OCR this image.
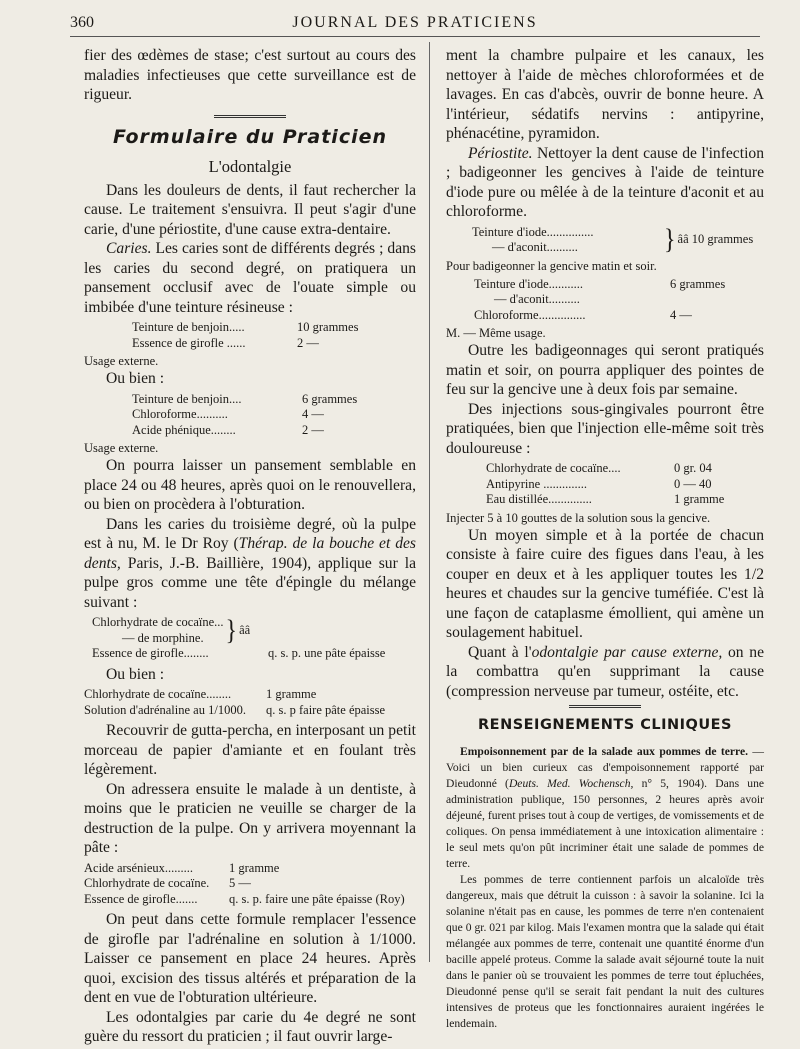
360	JOURNAL DES PRATICIENS

fier des œdèmes de stase; c'est surtout au cours des maladies infectieuses que cette surveillance est de rigueur.

Formulaire du Praticien
L'odontalgie

Dans les douleurs de dents, il faut rechercher la cause. Le traitement s'ensuivra. Il peut s'agir d'une carie, d'une périostite, d'une cause extra-dentaire.

Caries. Les caries sont de différents degrés ; dans les caries du second degré, on pratiquera un pansement occlusif avec de l'ouate simple ou imbibée d'une teinture résineuse :

Teinture de benjoin.....	10 grammes
Essence de girofle ......	2 —
Usage externe.

Ou bien :

Teinture de benjoin....	6 grammes
Chloroforme..........	4 —
Acide phénique........	2 —
Usage externe.

On pourra laisser un pansement semblable en place 24 ou 48 heures, après quoi on le renouvellera, ou bien on procèdera à l'obturation.

Dans les caries du troisième degré, où la pulpe est à nu, M. le Dr Roy (Thérap. de la bouche et des dents, Paris, J.-B. Baillière, 1904), applique sur la pulpe gros comme une tête d'épingle du mélange suivant :

Chlorhydrate de cocaïne...
— de morphine. } ââ
Essence de girofle........	q. s. p. une pâte épaisse

Ou bien :

Chlorhydrate de cocaïne........	1 gramme
Solution d'adrénaline au 1/1000.	q. s. p faire pâte épaisse

Recouvrir de gutta-percha, en interposant un petit morceau de papier d'amiante et en foulant très légèrement.

On adressera ensuite le malade à un dentiste, à moins que le praticien ne veuille se charger de la destruction de la pulpe. On y arrivera moyennant la pâte :

Acide arsénieux.........	1 gramme
Chlorhydrate de cocaïne.	5 —
Essence de girofle.......	q. s. p. faire une pâte épaisse (Roy)

On peut dans cette formule remplacer l'essence de girofle par l'adrénaline en solution à 1/1000. Laisser ce pansement en place 24 heures. Après quoi, excision des tissus altérés et préparation de la dent en vue de l'obturation ultérieure.

Les odontalgies par carie du 4e degré ne sont guère du ressort du praticien ; il faut ouvrir large-

ment la chambre pulpaire et les canaux, les nettoyer à l'aide de mèches chloroformées et de lavages. En cas d'abcès, ouvrir de bonne heure. A l'intérieur, sédatifs nervins : antipyrine, phénacétine, pyramidon.

Périostite. Nettoyer la dent cause de l'infection ; badigeonner les gencives à l'aide de teinture d'iode pure ou mêlée à de la teinture d'aconit et au chloroforme.

Teinture d'iode...............
— d'aconit..........	} ââ 10 grammes
Pour badigeonner la gencive matin et soir.
Teinture d'iode...........	6 grammes
— d'aconit..........
Chloroforme...............	4 —
M. — Même usage.

Outre les badigeonnages qui seront pratiqués matin et soir, on pourra appliquer des pointes de feu sur la gencive une à deux fois par semaine.

Des injections sous-gingivales pourront être pratiquées, bien que l'injection elle-même soit très douloureuse :

Chlorhydrate de cocaïne....	0 gr. 04
Antipyrine ..............	0 — 40
Eau distillée..............	1 gramme
Injecter 5 à 10 gouttes de la solution sous la gencive.

Un moyen simple et à la portée de chacun consiste à faire cuire des figues dans l'eau, à les couper en deux et à les appliquer toutes les 1/2 heures et chaudes sur la gencive tuméfiée. C'est là une façon de cataplasme émollient, qui amène un soulagement habituel.

Quant à l'odontalgie par cause externe, on ne la combattra qu'en supprimant la cause (compression nerveuse par tumeur, ostéite, etc.

RENSEIGNEMENTS CLINIQUES

Empoisonnement par de la salade aux pommes de terre. — Voici un bien curieux cas d'empoisonnement rapporté par Dieudonné (Deuts. Med. Wochensch, n° 5, 1904). Dans une administration publique, 150 personnes, 2 heures après avoir déjeuné, furent prises tout à coup de vertiges, de vomissements et de coliques. On pensa immédiatement à une intoxication alimentaire : le seul mets qu'on pût incriminer était une salade de pommes de terre.

Les pommes de terre contiennent parfois un alcaloïde très dangereux, mais que détruit la cuisson : à savoir la solanine. Ici la solanine n'était pas en cause, les pommes de terre n'en contenaient que 0 gr. 021 par kilog. Mais l'examen montra que la salade qui était mélangée aux pommes de terre, contenait une quantité énorme d'un bacille appelé proteus. Comme la salade avait séjourné toute la nuit dans le panier où se trouvaient les pommes de terre tout épluchées, Dieudonné pense qu'il se serait fait pendant la nuit des cultures intensives de proteus que les fonctionnaires auraient ingérées le lendemain.
